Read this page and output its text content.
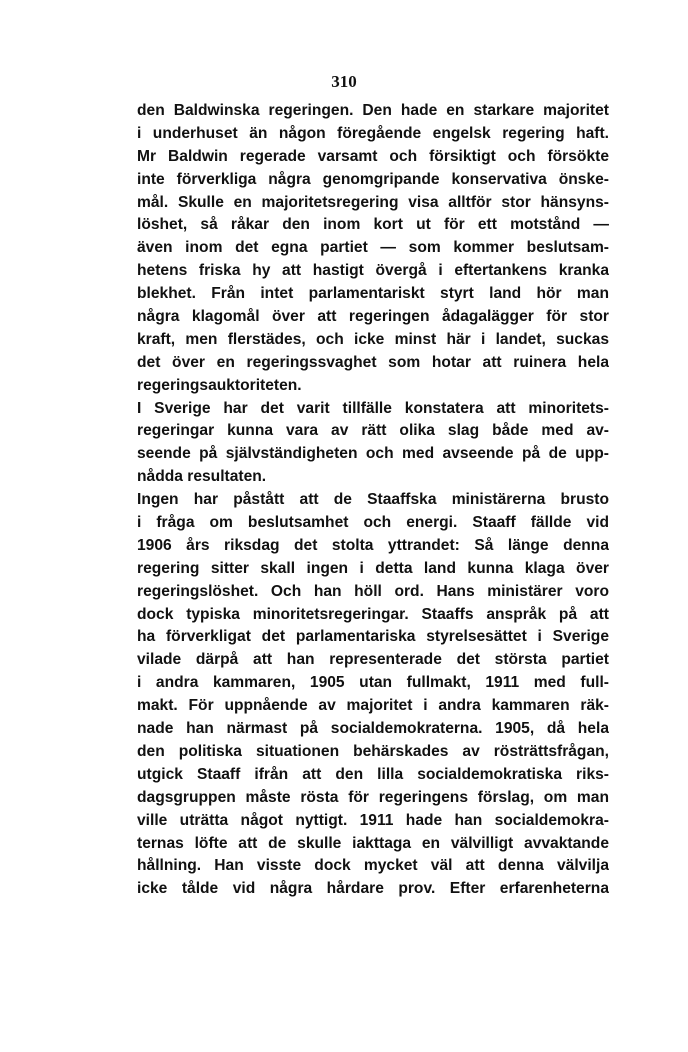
310
den Baldwinska regeringen. Den hade en starkare majoritet
i underhuset än någon föregående engelsk regering haft.
Mr Baldwin regerade varsamt och försiktigt och försökte
inte förverkliga några genomgripande konservativa önske-
mål. Skulle en majoritetsregering visa alltför stor hänsyns-
löshet, så råkar den inom kort ut för ett motstånd —
även inom det egna partiet — som kommer beslutsam-
hetens friska hy att hastigt övergå i eftertankens kranka
blekhet. Från intet parlamentariskt styrt land hör man
några klagomål över att regeringen ådagalägger för stor
kraft, men flerstädes, och icke minst här i landet, suckas
det över en regeringssvaghet som hotar att ruinera hela
regeringsauktoriteten.
I Sverige har det varit tillfälle konstatera att minoritets-
regeringar kunna vara av rätt olika slag både med av-
seende på självständigheten och med avseende på de upp-
nådda resultaten.
Ingen har påstått att de Staaffska ministärerna brusto
i fråga om beslutsamhet och energi. Staaff fällde vid
1906 års riksdag det stolta yttrandet: Så länge denna
regering sitter skall ingen i detta land kunna klaga över
regeringslöshet. Och han höll ord. Hans ministärer voro
dock typiska minoritetsregeringar. Staaffs anspråk på att
ha förverkligat det parlamentariska styrelsesättet i Sverige
vilade därpå att han representerade det största partiet
i andra kammaren, 1905 utan fullmakt, 1911 med full-
makt. För uppnående av majoritet i andra kammaren räk-
nade han närmast på socialdemokraterna. 1905, då hela
den politiska situationen behärskades av rösträttsfrågan,
utgick Staaff ifrån att den lilla socialdemokratiska riks-
dagsgruppen måste rösta för regeringens förslag, om man
ville uträtta något nyttigt. 1911 hade han socialdemokra-
ternas löfte att de skulle iakttaga en välvilligt avvaktande
hållning. Han visste dock mycket väl att denna välvilja
icke tålde vid några hårdare prov. Efter erfarenheterna
